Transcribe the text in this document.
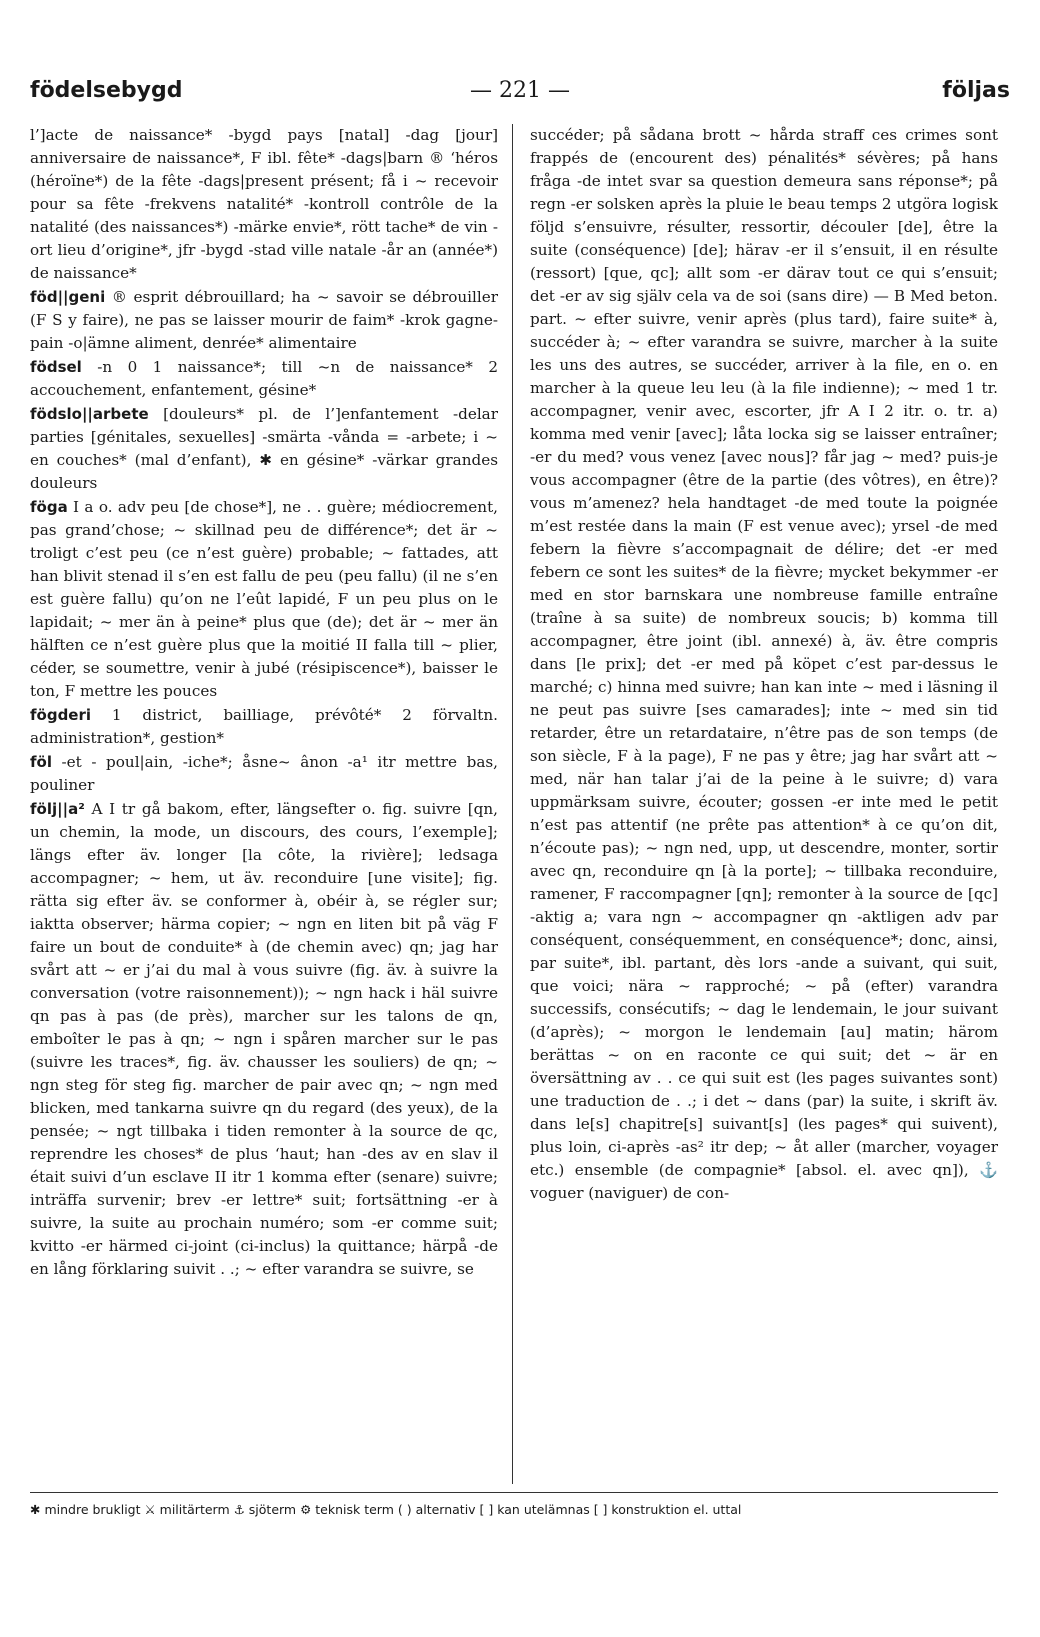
födelsebygd	— 221 —	följas

l’]acte de naissance* -bygd pays [natal] -dag [jour] anniversaire de naissance*, F ibl. fête* -dags|barn ® ‘héros (héroïne*) de la fête -dags|present présent; få i ~ recevoir pour sa fête -frekvens natalité* -kontroll contrôle de la natalité (des naissances*) -märke envie*, rött tache* de vin -ort lieu d’origine*, jfr -bygd -stad ville natale -år an (année*) de naissance*

föd||geni ® esprit débrouillard; ha ~ savoir se débrouiller (F S y faire), ne pas se laisser mourir de faim* -krok gagne-pain -o|ämne aliment, denrée* alimentaire

födsel -n 0 1 naissance*; till ~n de naissance* 2 accouchement, enfantement, gésine*

födslo||arbete [douleurs* pl. de l’]enfantement -delar parties [génitales, sexuelles] -smärta -vånda = -arbete; i ~ en couches* (mal d’enfant), ✱ en gésine* -värkar grandes douleurs

föga I a o. adv peu [de chose*], ne . . guère; médiocrement, pas grand’chose; ~ skillnad peu de différence*; det är ~ troligt c’est peu (ce n’est guère) probable; ~ fattades, att han blivit stenad il s’en est fallu de peu (peu fallu) (il ne s’en est guère fallu) qu’on ne l’eût lapidé, F un peu plus on le lapidait; ~ mer än à peine* plus que (de); det är ~ mer än hälften ce n’est guère plus que la moitié II falla till ~ plier, céder, se soumettre, venir à jubé (résipiscence*), baisser le ton, F mettre les pouces

fögderi 1 district, bailliage, prévôté* 2 förvaltn. administration*, gestion*

föl -et - poul|ain, -iche*; åsne~ ânon -a¹ itr mettre bas, pouliner

följ||a² A I tr gå bakom, efter, längsefter o. fig. suivre [qn, un chemin, la mode, un discours, des cours, l’exemple]; längs efter äv. longer [la côte, la rivière]; ledsaga accompagner; ~ hem, ut äv. reconduire [une visite]; fig. rätta sig efter äv. se conformer à, obéir à, se régler sur; iaktta observer; härma copier; ~ ngn en liten bit på väg F faire un bout de conduite* à (de chemin avec) qn; jag har svårt att ~ er j’ai du mal à vous suivre (fig. äv. à suivre la conversation (votre raisonnement)); ~ ngn hack i häl suivre qn pas à pas (de près), marcher sur les talons de qn, emboîter le pas à qn; ~ ngn i spåren marcher sur le pas (suivre les traces*, fig. äv. chausser les souliers) de qn; ~ ngn steg för steg fig. marcher de pair avec qn; ~ ngn med blicken, med tankarna suivre qn du regard (des yeux), de la pensée; ~ ngt tillbaka i tiden remonter à la source de qc, reprendre les choses* de plus ‘haut; han -des av en slav il était suivi d’un esclave II itr 1 komma efter (senare) suivre; inträffa survenir; brev -er lettre* suit; fortsättning -er à suivre, la suite au prochain numéro; som -er comme suit; kvitto -er härmed ci-joint (ci-inclus) la quittance; härpå -de en lång förklaring suivit . .; ~ efter varandra se suivre, se

succéder; på sådana brott ~ hårda straff ces crimes sont frappés de (encourent des) pénalités* sévères; på hans fråga -de intet svar sa question demeura sans réponse*; på regn -er solsken après la pluie le beau temps 2 utgöra logisk följd s’ensuivre, résulter, ressortir, découler [de], être la suite (conséquence) [de]; härav -er il s’ensuit, il en résulte (ressort) [que, qc]; allt som -er därav tout ce qui s’ensuit; det -er av sig själv cela va de soi (sans dire) — B Med beton. part. ~ efter suivre, venir après (plus tard), faire suite* à, succéder à; ~ efter varandra se suivre, marcher à la suite les uns des autres, se succéder, arriver à la file, en o. en marcher à la queue leu leu (à la file indienne); ~ med 1 tr. accompagner, venir avec, escorter, jfr A I 2 itr. o. tr. a) komma med venir [avec]; låta locka sig se laisser entraîner; -er du med? vous venez [avec nous]? får jag ~ med? puis-je vous accompagner (être de la partie (des vôtres), en être)? vous m’amenez? hela handtaget -de med toute la poignée m’est restée dans la main (F est venue avec); yrsel -de med febern la fièvre s’accompagnait de délire; det -er med febern ce sont les suites* de la fièvre; mycket bekymmer -er med en stor barnskara une nombreuse famille entraîne (traîne à sa suite) de nombreux soucis; b) komma till accompagner, être joint (ibl. annexé) à, äv. être compris dans [le prix]; det -er med på köpet c’est par-dessus le marché; c) hinna med suivre; han kan inte ~ med i läsning il ne peut pas suivre [ses camarades]; inte ~ med sin tid retarder, être un retardataire, n’être pas de son temps (de son siècle, F à la page), F ne pas y être; jag har svårt att ~ med, när han talar j’ai de la peine à le suivre; d) vara uppmärksam suivre, écouter; gossen -er inte med le petit n’est pas attentif (ne prête pas attention* à ce qu’on dit, n’écoute pas); ~ ngn ned, upp, ut descendre, monter, sortir avec qn, reconduire qn [à la porte]; ~ tillbaka reconduire, ramener, F raccompagner [qn]; remonter à la source de [qc] -aktig a; vara ngn ~ accompagner qn -aktligen adv par conséquent, conséquemment, en conséquence*; donc, ainsi, par suite*, ibl. partant, dès lors -ande a suivant, qui suit, que voici; nära ~ rapproché; ~ på (efter) varandra successifs, consécutifs; ~ dag le lendemain, le jour suivant (d’après); ~ morgon le lendemain [au] matin; härom berättas ~ on en raconte ce qui suit; det ~ är en översättning av . . ce qui suit est (les pages suivantes sont) une traduction de . .; i det ~ dans (par) la suite, i skrift äv. dans le[s] chapitre[s] suivant[s] (les pages* qui suivent), plus loin, ci-après -as² itr dep; ~ åt aller (marcher, voyager etc.) ensemble (de compagnie* [absol. el. avec qn]), ⚓ voguer (naviguer) de con-

✱ mindre brukligt ⚔ militärterm ⚓ sjöterm ⚙ teknisk term ( ) alternativ [ ] kan utelämnas [ ] konstruktion el. uttal
